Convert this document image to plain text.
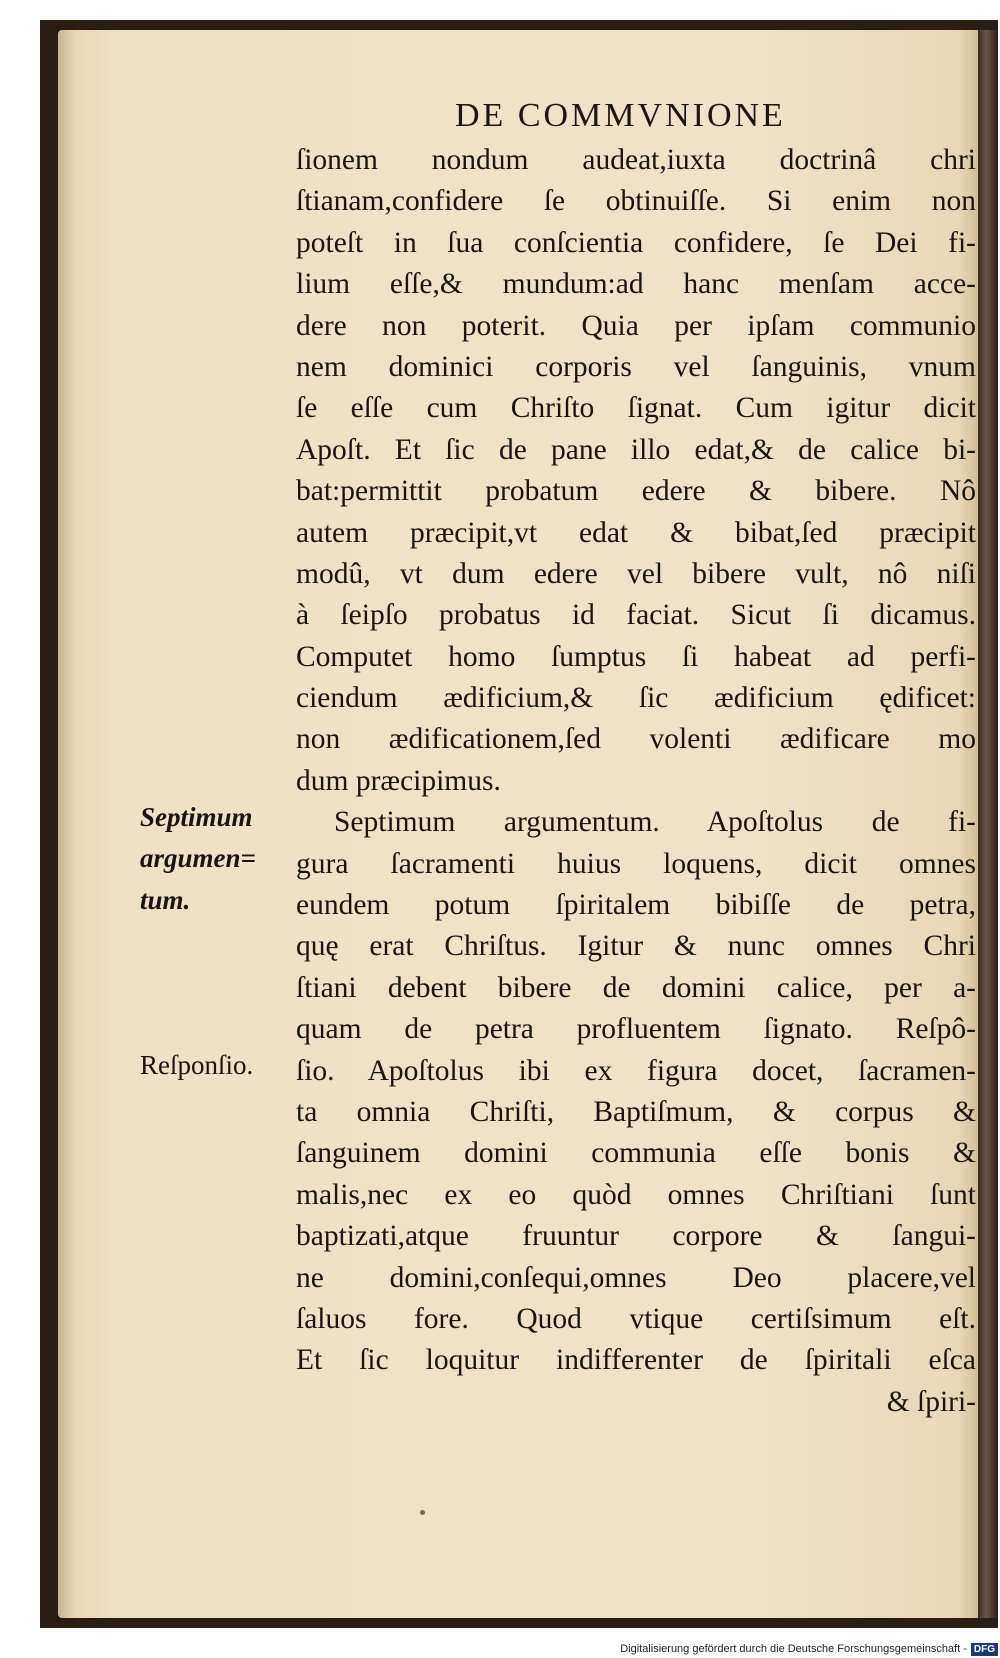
DE COMMVNIONE
ſionem nondum audeat,iuxta doctrinâ chri
ſtianam,confidere ſe obtinuiſſe. Si enim non
poteſt in ſua conſcientia confidere, ſe Dei fi-
lium eſſe,& mundum:ad hanc menſam acce-
dere non poterit. Quia per ipſam communio
nem dominici corporis vel ſanguinis, vnum
ſe eſſe cum Chriſto ſignat. Cum igitur dicit
Apoſt. Et ſic de pane illo edat,& de calice bi-
bat:permittit probatum edere & bibere. Nô
autem præcipit,vt edat & bibat,ſed præcipit
modû, vt dum edere vel bibere vult, nô niſi
à ſeipſo probatus id faciat. Sicut ſi dicamus.
Computet homo ſumptus ſi habeat ad perfi-
ciendum ædificium,& ſic ædificium ędificet:
non ædificationem,ſed volenti ædificare mo
dum præcipimus.
Septimum argumentum. Apoſtolus de fi-
gura ſacramenti huius loquens, dicit omnes
eundem potum ſpiritalem bibiſſe de petra,
quę erat Chriſtus. Igitur & nunc omnes Chri
ſtiani debent bibere de domini calice, per a-
quam de petra profluentem ſignato. Reſpô-
ſio. Apoſtolus ibi ex figura docet, ſacramen-
ta omnia Chriſti, Baptiſmum, & corpus &
ſanguinem domini communia eſſe bonis &
malis,nec ex eo quòd omnes Chriſtiani ſunt
baptizati,atque fruuntur corpore & ſangui-
ne domini,conſequi,omnes Deo placere,vel
ſaluos fore. Quod vtique certiſsimum eſt.
Et ſic loquitur indifferenter de ſpiritali eſca
& ſpiri-
Septimum
argumen=
tum.
Reſponſio.
Digitalisierung gefördert durch die Deutsche Forschungsgemeinschaft - DFG
